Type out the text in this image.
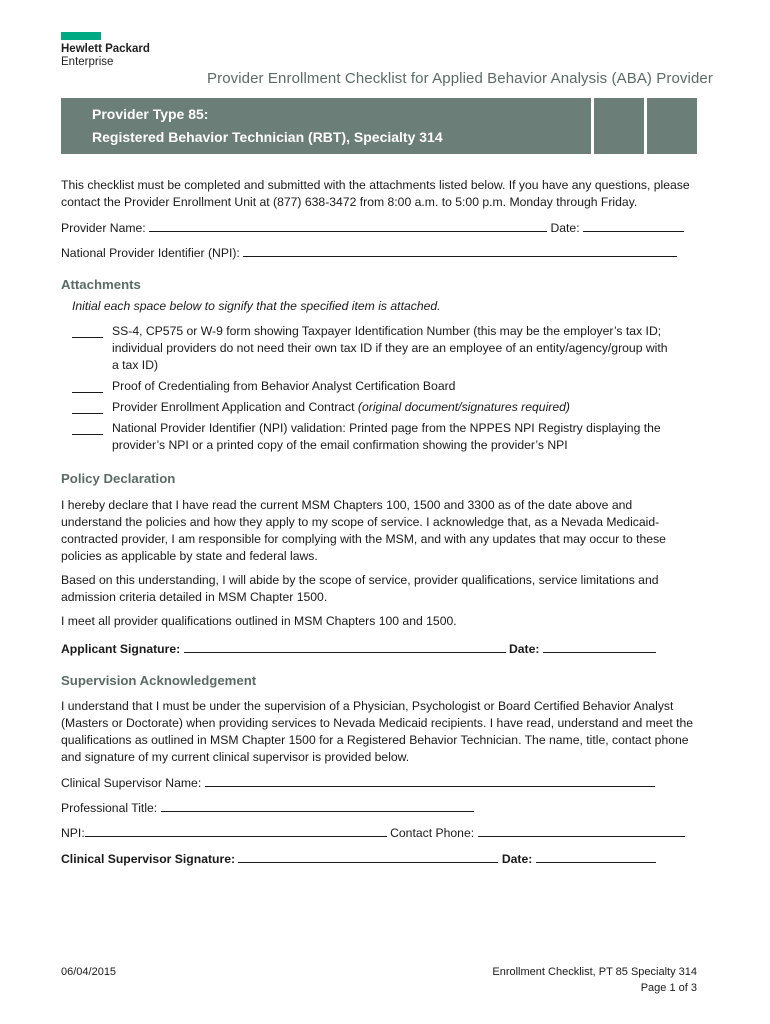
Hewlett Packard
Enterprise
Provider Enrollment Checklist for Applied Behavior Analysis (ABA) Provider
Provider Type 85:
Registered Behavior Technician (RBT), Specialty 314
This checklist must be completed and submitted with the attachments listed below. If you have any questions, please
contact the Provider Enrollment Unit at (877) 638-3472 from 8:00 a.m. to 5:00 p.m. Monday through Friday.
Provider Name:	Date:
National Provider Identifier (NPI):
Attachments
Initial each space below to signify that the specified item is attached.
SS-4, CP575 or W-9 form showing Taxpayer Identification Number (this may be the employer’s tax ID;
individual providers do not need their own tax ID if they are an employee of an entity/agency/group with
a tax ID)
Proof of Credentialing from Behavior Analyst Certification Board
Provider Enrollment Application and Contract (original document/signatures required)
National Provider Identifier (NPI) validation: Printed page from the NPPES NPI Registry displaying the
provider’s NPI or a printed copy of the email confirmation showing the provider’s NPI
Policy Declaration
I hereby declare that I have read the current MSM Chapters 100, 1500 and 3300 as of the date above and
understand the policies and how they apply to my scope of service. I acknowledge that, as a Nevada Medicaid-
contracted provider, I am responsible for complying with the MSM, and with any updates that may occur to these
policies as applicable by state and federal laws.
Based on this understanding, I will abide by the scope of service, provider qualifications, service limitations and
admission criteria detailed in MSM Chapter 1500.
I meet all provider qualifications outlined in MSM Chapters 100 and 1500.
Applicant Signature:	Date:
Supervision Acknowledgement
I understand that I must be under the supervision of a Physician, Psychologist or Board Certified Behavior Analyst
(Masters or Doctorate) when providing services to Nevada Medicaid recipients. I have read, understand and meet the
qualifications as outlined in MSM Chapter 1500 for a Registered Behavior Technician. The name, title, contact phone
and signature of my current clinical supervisor is provided below.
Clinical Supervisor Name:
Professional Title:
NPI:	Contact Phone:
Clinical Supervisor Signature:	Date:
06/04/2015	Enrollment Checklist, PT 85 Specialty 314
Page 1 of 3
